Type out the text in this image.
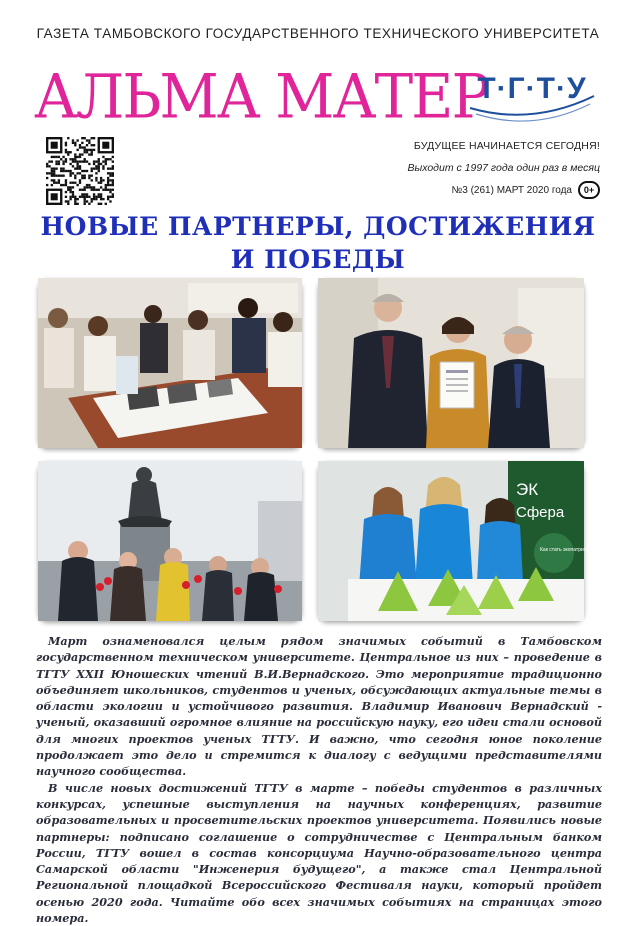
ГАЗЕТА ТАМБОВСКОГО ГОСУДАРСТВЕННОГО ТЕХНИЧЕСКОГО УНИВЕРСИТЕТА
АЛЬМА МАТЕР
Т·Г·Т·У
БУДУЩЕЕ НАЧИНАЕТСЯ СЕГОДНЯ!
Выходит с 1997 года один раз в месяц
№3 (261) МАРТ 2020 года	0+
НОВЫЕ ПАРТНЕРЫ, ДОСТИЖЕНИЯ
И ПОБЕДЫ
ЭК
Сфера
Как стать экопатриотом?

Март ознаменовался целым рядом значимых событий в Тамбовском государственном техническом университете. Центральное из них – проведение в ТГТУ XXII Юношеских чтений В.И.Вернадского. Это мероприятие традиционно объединяет школьников, студентов и ученых, обсуждающих актуальные темы в области экологии и устойчивого развития. Владимир Иванович Вернадский - ученый, оказавший огромное влияние на российскую науку, его идеи стали основой для многих проектов ученых ТГТУ. И важно, что сегодня юное поколение продолжает это дело и стремится к диалогу с ведущими представителями научного сообщества.

В числе новых достижений ТГТУ в марте – победы студентов в различных конкурсах, успешные выступления на научных конференциях, развитие образовательных и просветительских проектов университета. Появились новые партнеры: подписано соглашение о сотрудничестве с Центральным банком России, ТГТУ вошел в состав консорциума Научно-образовательного центра Самарской области "Инженерия будущего", а также стал Центральной Региональной площадкой Всероссийского Фестиваля науки, который пройдет осенью 2020 года. Читайте обо всех значимых событиях на страницах этого номера.
